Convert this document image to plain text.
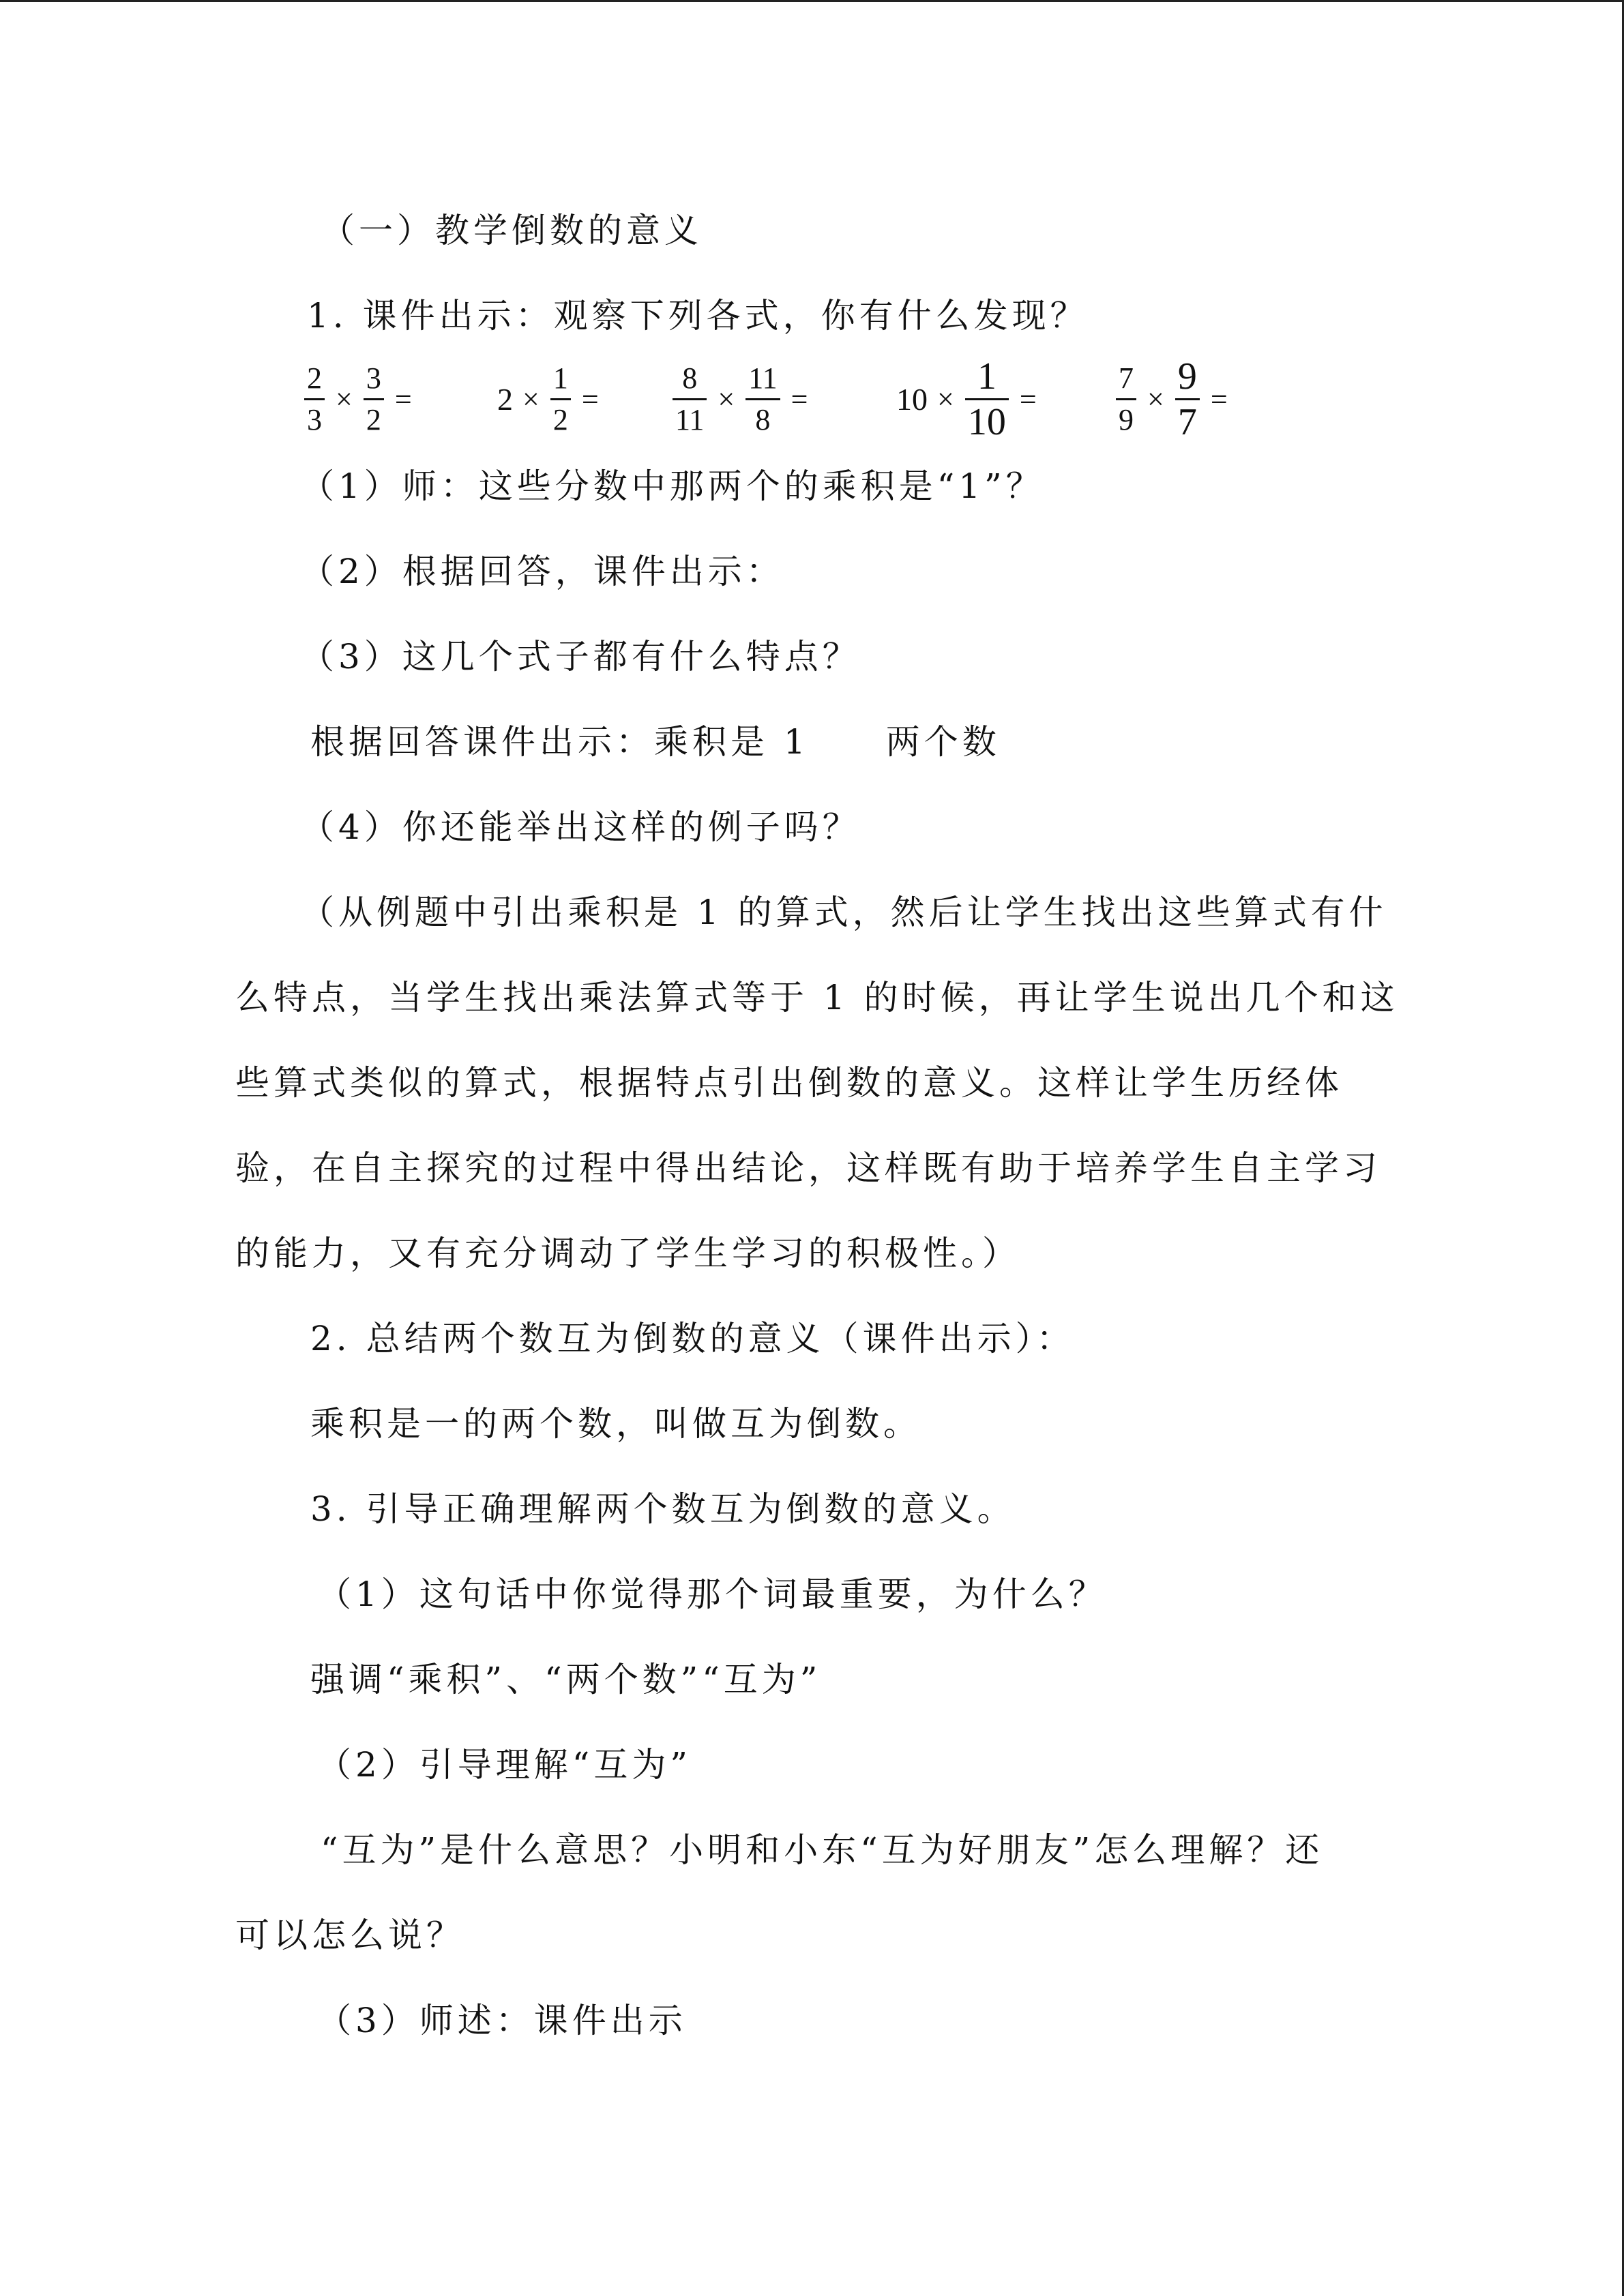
（一）教学倒数的意义
1. 课件出示：观察下列各式，你有什么发现？
$\frac{2}{3} \times \frac{3}{2}$ =	$2 \times \frac{1}{2} = \frac{8}{11} \times \frac{11}{8}$ =	$10 \times \frac{1}{10}$ =	$\frac{7}{9} \times \frac{9}{7}$ =
（1）师：这些分数中那两个的乘积是“1”？
（2）根据回答，课件出示：
（3）这几个式子都有什么特点？
根据回答课件出示：乘积是 1　　两个数
（4）你还能举出这样的例子吗？
（从例题中引出乘积是 1 的算式，然后让学生找出这些算式有什
么特点，当学生找出乘法算式等于 1 的时候，再让学生说出几个和这
些算式类似的算式，根据特点引出倒数的意义。这样让学生历经体
验，在自主探究的过程中得出结论，这样既有助于培养学生自主学习
的能力，又有充分调动了学生学习的积极性。）
2. 总结两个数互为倒数的意义（课件出示）：
乘积是一的两个数，叫做互为倒数。
3. 引导正确理解两个数互为倒数的意义。
（1）这句话中你觉得那个词最重要，为什么？
强调“乘积”、“两个数”“互为”
（2）引导理解“互为”
“互为”是什么意思？小明和小东“互为好朋友”怎么理解？还
可以怎么说？
（3）师述：课件出示
